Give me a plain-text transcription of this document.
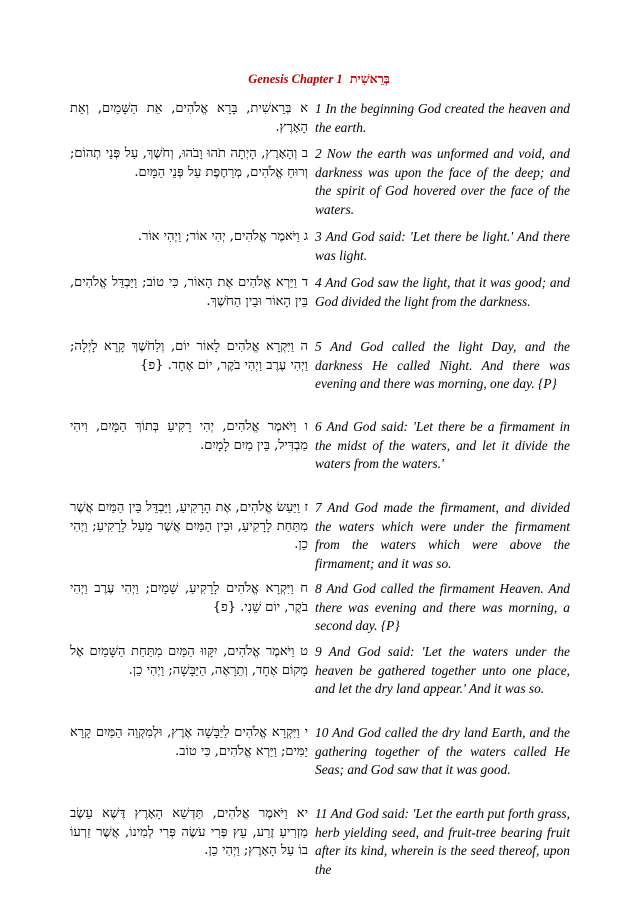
Genesis Chapter 1 בְּרֵאשִׁית
א בְּרֵאשִׁית, בָּרָא אֱלֹהִים, אֵת הַשָּׁמַיִם, וְאֵת הָאָרֶץ.
1 In the beginning God created the heaven and the earth.
ב וְהָאָרֶץ, הָיְתָה תֹהוּ וָבֹהוּ, וְחֹשֶׁךְ, עַל פְּנֵי תְהוֹם; וְרוּחַ אֱלֹהִים, מְרַחֶפֶת עַל פְּנֵי הַמָּיִם.
2 Now the earth was unformed and void, and darkness was upon the face of the deep; and the spirit of God hovered over the face of the waters.
ג וַיֹּאמֶר אֱלֹהִים, יְהִי אוֹר; וַיְהִי אוֹר. 3 And God said: 'Let there be light.' And there was light.
ד וַיַּרְא אֱלֹהִים אֶת הָאוֹר, כִּי טוֹב; וַיַּבְדֵּל אֱלֹהִים, בֵּין הָאוֹר וּבֵין הַחֹשֶׁךְ.
4 And God saw the light, that it was good; and God divided the light from the darkness.
ה וַיִּקְרָא אֱלֹהִים לָאוֹר יוֹם, וְלַחֹשֶׁךְ קָרָא לָיְלָה; וַיְהִי עֶרֶב וַיְהִי בֹקֶר, יוֹם אֶחָד. {פ}
5 And God called the light Day, and the darkness He called Night. And there was evening and there was morning, one day. {P}
ו וַיֹּאמֶר אֱלֹהִים, יְהִי רָקִיעַ בְּתוֹךְ הַמָּיִם, וִיהִי מַבְדִּיל, בֵּין מַיִם לָמָיִם.
6 And God said: 'Let there be a firmament in the midst of the waters, and let it divide the waters from the waters.'
ז וַיַּעַשׂ אֱלֹהִים, אֶת הָרָקִיעַ, וַיַּבְדֵּל בֵּין הַמַּיִם אֲשֶׁר מִתַּחַת לָרָקִיעַ, וּבֵין הַמַּיִם אֲשֶׁר מֵעַל לָרָקִיעַ; וַיְהִי כֵן.
7 And God made the firmament, and divided the waters which were under the firmament from the waters which were above the firmament; and it was so.
ח וַיִּקְרָא אֱלֹהִים לָרָקִיעַ, שָׁמָיִם; וַיְהִי עֶרֶב וַיְהִי בֹקֶר, יוֹם שֵׁנִי. {פ}
8 And God called the firmament Heaven. And there was evening and there was morning, a second day. {P}
ט וַיֹּאמֶר אֱלֹהִים, יִקָּווּ הַמַּיִם מִתַּחַת הַשָּׁמַיִם אֶל מָקוֹם אֶחָד, וְתֵרָאֶה, הַיַּבָּשָׁה; וַיְהִי כֵן.
9 And God said: 'Let the waters under the heaven be gathered together unto one place, and let the dry land appear.' And it was so.
י וַיִּקְרָא אֱלֹהִים לַיַּבָּשָׁה אֶרֶץ, וּלְמִקְוֵה הַמַּיִם קָרָא יַמִּים; וַיַּרְא אֱלֹהִים, כִּי טוֹב.
10 And God called the dry land Earth, and the gathering together of the waters called He Seas; and God saw that it was good.
יא וַיֹּאמֶר אֱלֹהִים, תַּדְשֵׁא הָאָרֶץ דֶּשֶׁא עֵשֶׂב מַזְרִיעַ זֶרַע, עֵץ פְּרִי עֹשֶׂה פְּרִי לְמִינוֹ, אֲשֶׁר זַרְעוֹ בוֹ עַל הָאָרֶץ; וַיְהִי כֵן.
11 And God said: 'Let the earth put forth grass, herb yielding seed, and fruit-tree bearing fruit after its kind, wherein is the seed thereof, upon the
